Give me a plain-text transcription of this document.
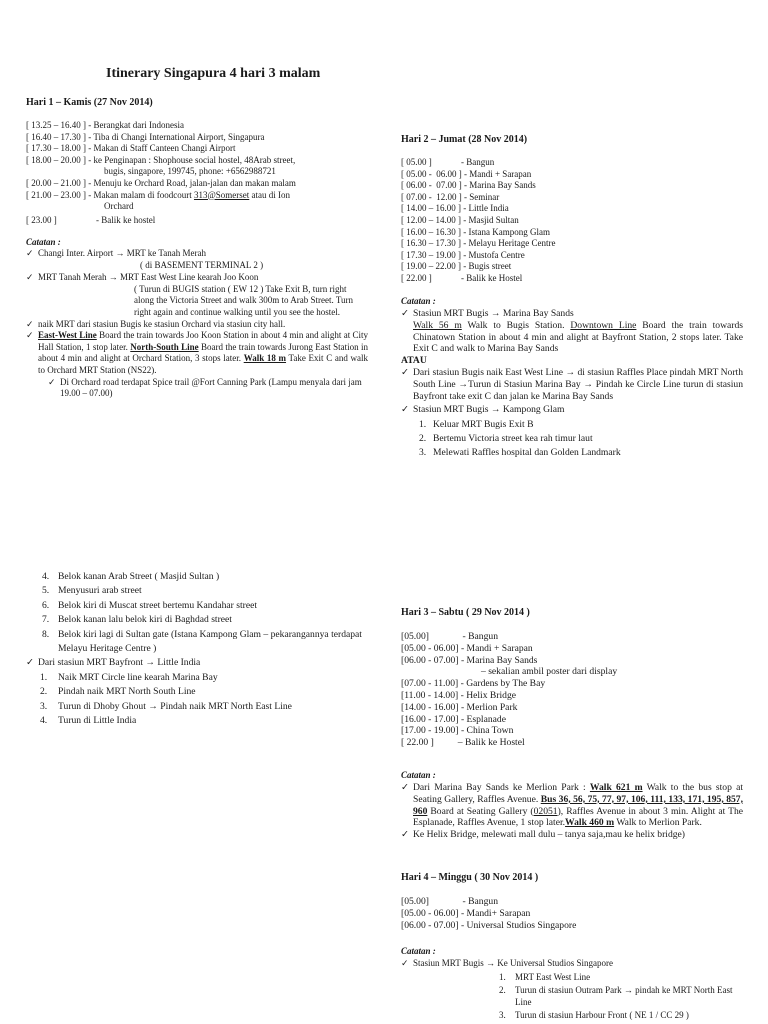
Itinerary Singapura 4 hari 3 malam
Hari 1 – Kamis (27 Nov 2014)
[ 13.25 – 16.40 ] - Berangkat dari Indonesia
[ 16.40 – 17.30 ] - Tiba di Changi International Airport, Singapura
[ 17.30 – 18.00 ] - Makan di Staff Canteen Changi Airport
[ 18.00 – 20.00 ] - ke Penginapan : Shophouse social hostel, 48Arab street,
bugis, singapore, 199745, phone: +6562988721
[ 20.00 – 21.00 ] - Menuju ke Orchard Road, jalan-jalan dan makan malam
[ 21.00 – 23.00 ] - Makan malam di foodcourt 313@Somerset atau di Ion
Orchard
[ 23.00 ]	- Balik ke hostel
Catatan :
✓ Changi Inter. Airport → MRT ke Tanah Merah
( di BASEMENT TERMINAL 2 )
✓ MRT Tanah Merah → MRT East West Line kearah Joo Koon
( Turun di BUGIS station ( EW 12 ) Take Exit B, turn right along the Victoria Street and walk 300m to Arab Street. Turn right again and continue walking until you see the hostel.
✓ naik MRT dari stasiun Bugis ke stasiun Orchard via stasiun city hall.
✓ East-West Line Board the train towards Joo Koon Station in about 4 min and alight at City Hall Station, 1 stop later. North-South Line Board the train towards Jurong East Station in about 4 min and alight at Orchard Station, 3 stops later. Walk 18 m Take Exit C and walk to Orchard MRT Station (NS22).
✓ Di Orchard road terdapat Spice trail @Fort Canning Park (Lampu menyala dari jam 19.00 – 07.00)
Hari 2 – Jumat (28 Nov 2014)
[ 05.00 ]             - Bangun
[ 05.00 -  06.00 ] - Mandi + Sarapan
[ 06.00 -  07.00 ] - Marina Bay Sands
[ 07.00 -  12.00 ] - Seminar
[ 14.00 – 16.00 ] - Little India
[ 12.00 – 14.00 ] - Masjid Sultan
[ 16.00 – 16.30 ] - Istana Kampong Glam
[ 16.30 – 17.30 ] - Melayu Heritage Centre
[ 17.30 – 19.00 ] - Mustofa Centre
[ 19.00 – 22.00 ] - Bugis street
[ 22.00 ]             - Balik ke Hostel
Catatan :
✓ Stasiun MRT Bugis → Marina Bay Sands
Walk 56 m Walk to Bugis Station. Downtown Line Board the train towards Chinatown Station in about 4 min and alight at Bayfront Station, 2 stops later. Take Exit C and walk to Marina Bay Sands
ATAU
✓ Dari stasiun Bugis naik East West Line → di stasiun Raffles Place pindah MRT North South Line →Turun di Stasiun Marina Bay → Pindah ke Circle Line turun di stasiun Bayfront take exit C dan jalan ke Marina Bay Sands
✓ Stasiun MRT Bugis → Kampong Glam
1. Keluar MRT Bugis Exit B
2. Bertemu Victoria street kea rah timur laut
3. Melewati Raffles hospital dan Golden Landmark
4. Belok kanan Arab Street ( Masjid Sultan )
5. Menyusuri arab street
6. Belok kiri di Muscat street bertemu Kandahar street
7. Belok kanan lalu belok kiri di Baghdad street
8. Belok kiri lagi di Sultan gate (Istana Kampong Glam – pekarangannya terdapat Melayu Heritage Centre )
✓ Dari stasiun MRT Bayfront → Little India
1. Naik MRT Circle line kearah Marina Bay
2. Pindah naik MRT North South Line
3. Turun di Dhoby Ghout → Pindah naik MRT North East Line
4. Turun di Little India
Hari 3 – Sabtu ( 29 Nov 2014 )
[05.00]              - Bangun
[05.00 - 06.00] - Mandi + Sarapan
[06.00 - 07.00] - Marina Bay Sands
– sekalian ambil poster dari display
[07.00 - 11.00] - Gardens by The Bay
[11.00 - 14.00] - Helix Bridge
[14.00 - 16.00] - Merlion Park
[16.00 - 17.00] - Esplanade
[17.00 - 19.00] - China Town
[ 22.00 ]          – Balik ke Hostel
Catatan :
✓ Dari Marina Bay Sands ke Merlion Park : Walk 621 m Walk to the bus stop at Seating Gallery, Raffles Avenue. Bus 36, 56, 75, 77, 97, 106, 111, 133, 171, 195, 857, 960 Board at Seating Gallery (02051), Raffles Avenue in about 3 min. Alight at The Esplanade, Raffles Avenue, 1 stop later.Walk 460 m Walk to Merlion Park.
✓ Ke Helix Bridge, melewati mall dulu – tanya saja,mau ke helix bridge)
Hari 4 – Minggu ( 30 Nov 2014 )
[05.00]              - Bangun
[05.00 - 06.00] - Mandi+ Sarapan
[06.00 - 07.00] - Universal Studios Singapore
Catatan :
✓ Stasiun MRT Bugis → Ke Universal Studios Singapore
1. MRT East West Line
2. Turun di stasiun Outram Park → pindah ke MRT North East Line
3. Turun di stasiun Harbour Front ( NE 1 / CC 29 )
